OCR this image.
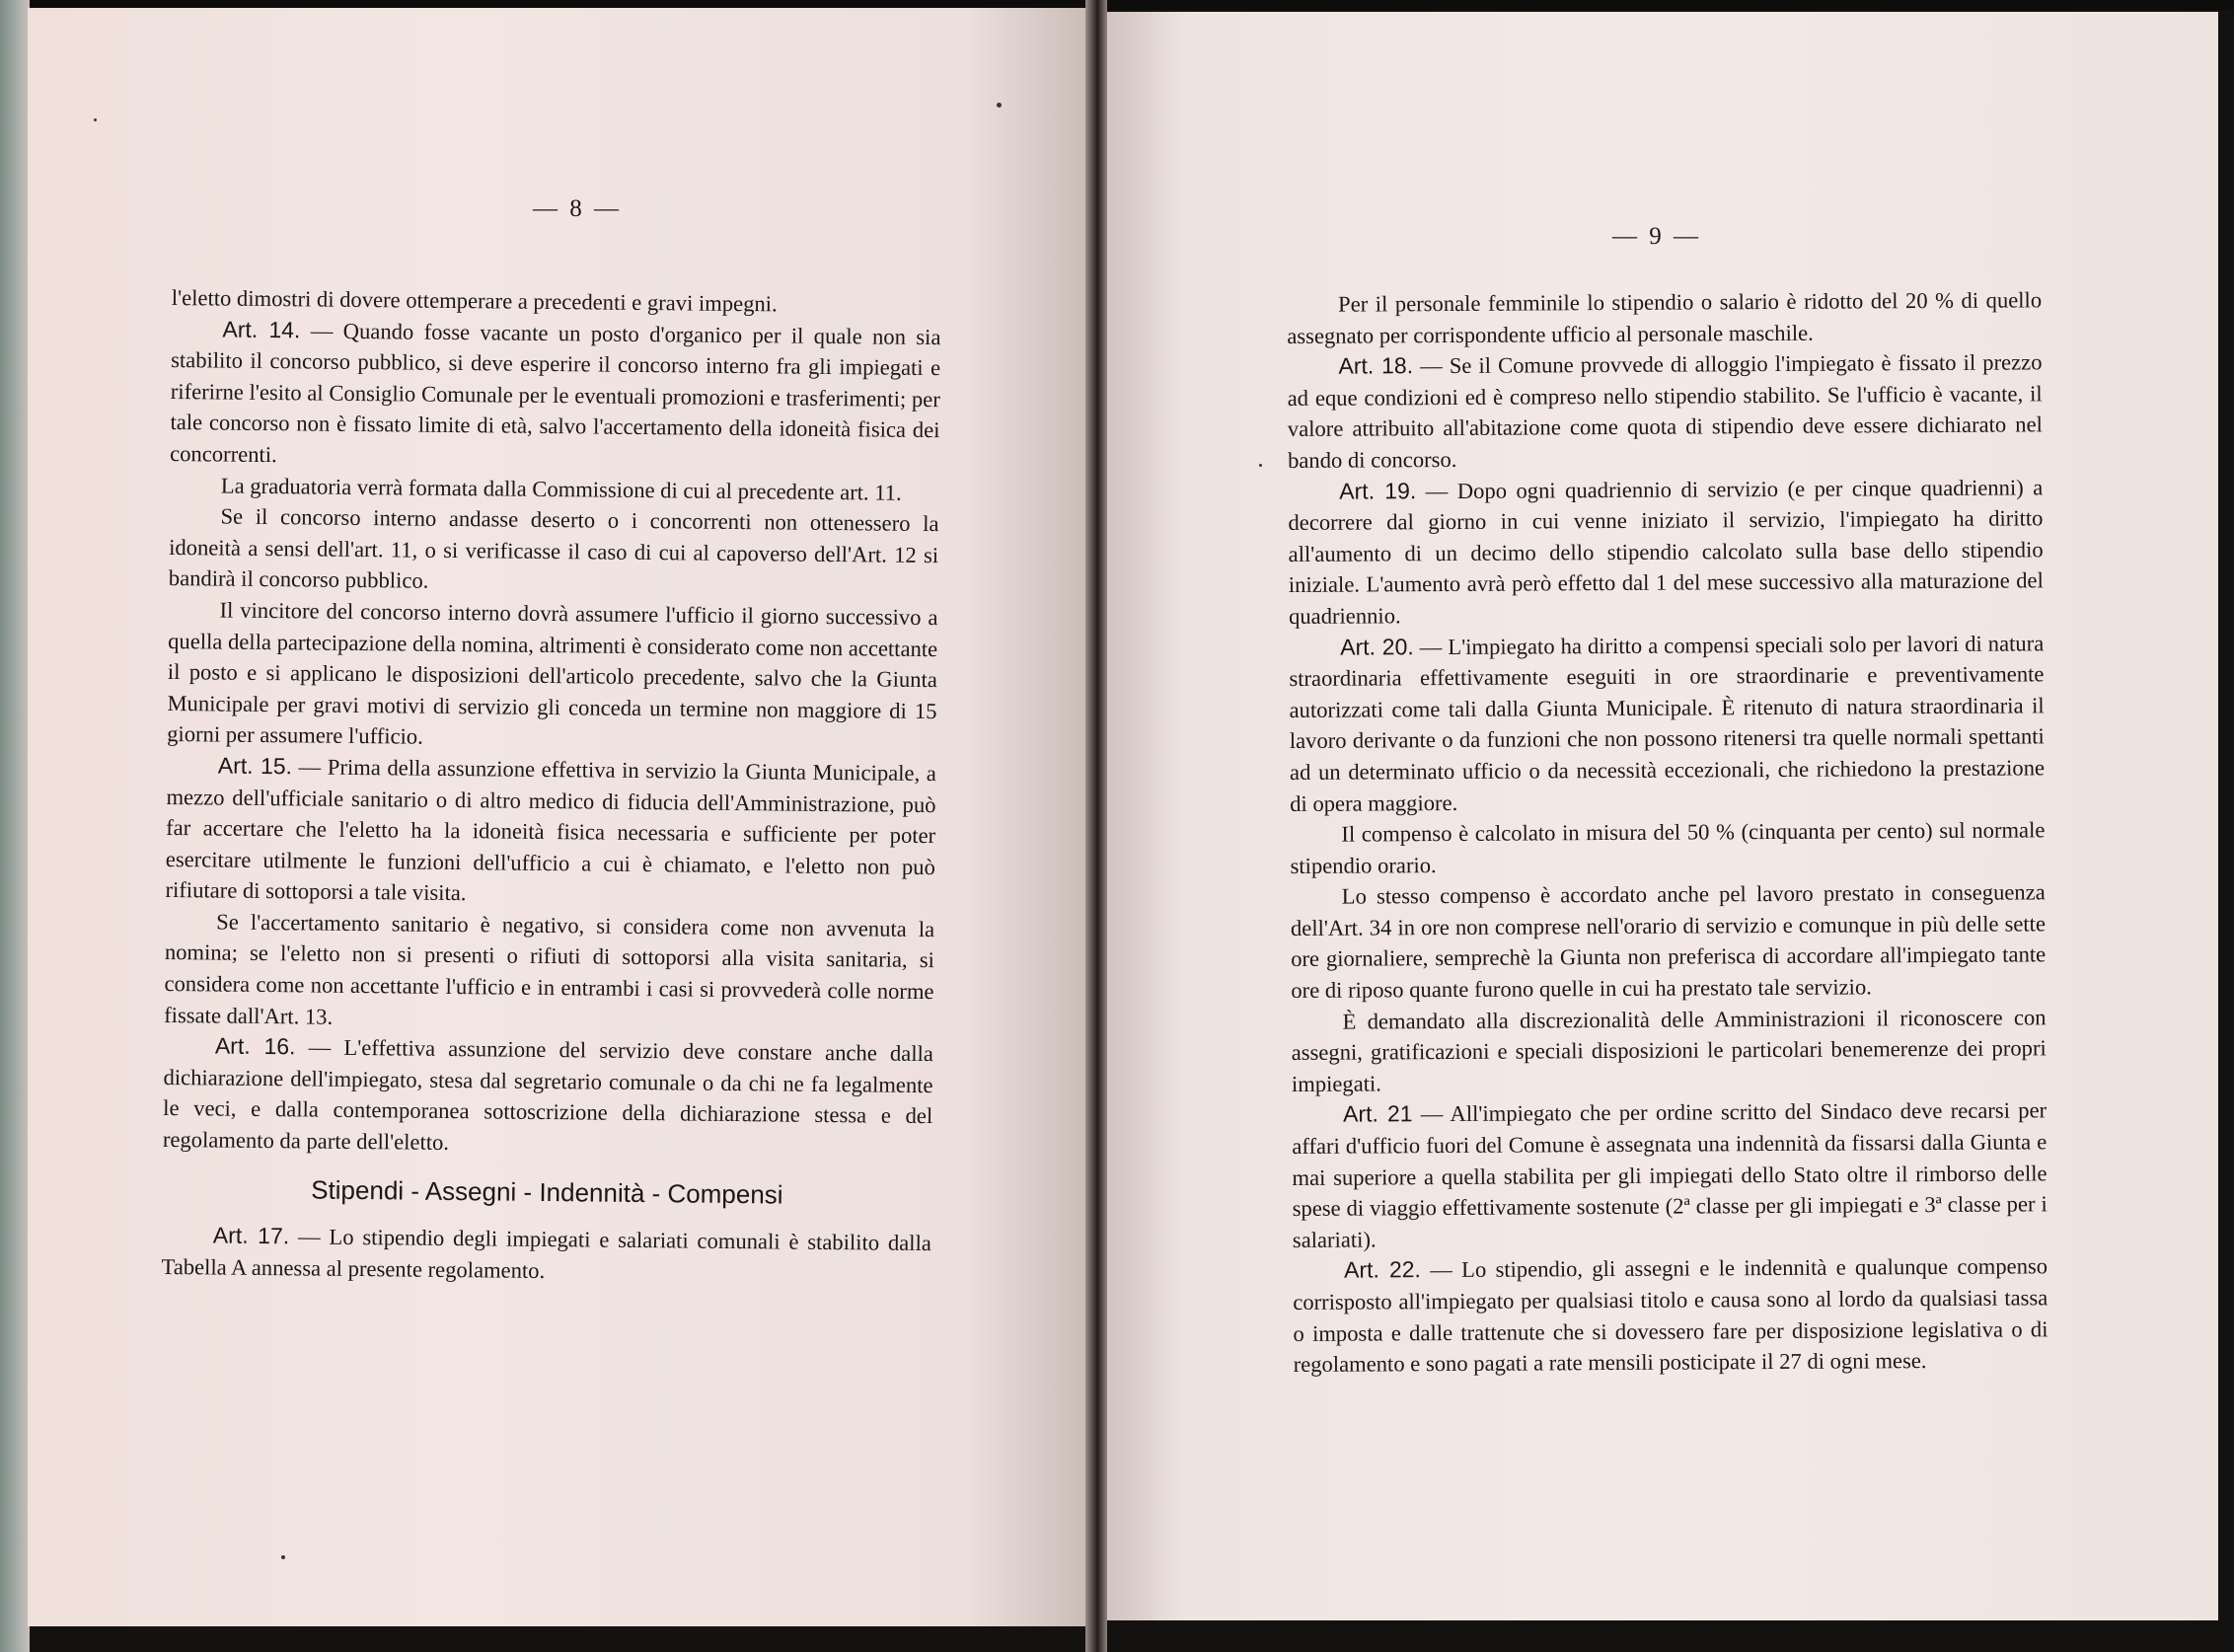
— 8 —
— 9 —

l'eletto dimostri di dovere ottemperare a precedenti e gravi impegni.

Art. 14. — Quando fosse vacante un posto d'organico per il quale non sia stabilito il concorso pubblico, si deve esperire il concorso interno fra gli impiegati e riferirne l'esito al Consiglio Comunale per le eventuali promozioni e trasferimenti; per tale concorso non è fissato limite di età, salvo l'accertamento della idoneità fisica dei concorrenti.

La graduatoria verrà formata dalla Commissione di cui al precedente art. 11.

Se il concorso interno andasse deserto o i concorrenti non ottenessero la idoneità a sensi dell'art. 11, o si verificasse il caso di cui al capoverso dell'Art. 12 si bandirà il concorso pubblico.

Il vincitore del concorso interno dovrà assumere l'ufficio il giorno successivo a quella della partecipazione della nomina, altrimenti è considerato come non accettante il posto e si applicano le disposizioni dell'articolo precedente, salvo che la Giunta Municipale per gravi motivi di servizio gli conceda un termine non maggiore di 15 giorni per assumere l'ufficio.

Art. 15. — Prima della assunzione effettiva in servizio la Giunta Municipale, a mezzo dell'ufficiale sanitario o di altro medico di fiducia dell'Amministrazione, può far accertare che l'eletto ha la idoneità fisica necessaria e sufficiente per poter esercitare utilmente le funzioni dell'ufficio a cui è chiamato, e l'eletto non può rifiutare di sottoporsi a tale visita.

Se l'accertamento sanitario è negativo, si considera come non avvenuta la nomina; se l'eletto non si presenti o rifiuti di sottoporsi alla visita sanitaria, si considera come non accettante l'ufficio e in entrambi i casi si provvederà colle norme fissate dall'Art. 13.

Art. 16. — L'effettiva assunzione del servizio deve constare anche dalla dichiarazione dell'impiegato, stesa dal segretario comunale o da chi ne fa legalmente le veci, e dalla contemporanea sottoscrizione della dichiarazione stessa e del regolamento da parte dell'eletto.

Stipendi - Assegni - Indennità - Compensi

Art. 17. — Lo stipendio degli impiegati e salariati comunali è stabilito dalla Tabella A annessa al presente regolamento.

Per il personale femminile lo stipendio o salario è ridotto del 20 % di quello assegnato per corrispondente ufficio al personale maschile.

Art. 18. — Se il Comune provvede di alloggio l'impiegato è fissato il prezzo ad eque condizioni ed è compreso nello stipendio stabilito. Se l'ufficio è vacante, il valore attribuito all'abitazione come quota di stipendio deve essere dichiarato nel bando di concorso.

Art. 19. — Dopo ogni quadriennio di servizio (e per cinque quadrienni) a decorrere dal giorno in cui venne iniziato il servizio, l'impiegato ha diritto all'aumento di un decimo dello stipendio calcolato sulla base dello stipendio iniziale. L'aumento avrà però effetto dal 1 del mese successivo alla maturazione del quadriennio.

Art. 20. — L'impiegato ha diritto a compensi speciali solo per lavori di natura straordinaria effettivamente eseguiti in ore straordinarie e preventivamente autorizzati come tali dalla Giunta Municipale. È ritenuto di natura straordinaria il lavoro derivante o da funzioni che non possono ritenersi tra quelle normali spettanti ad un determinato ufficio o da necessità eccezionali, che richiedono la prestazione di opera maggiore.

Il compenso è calcolato in misura del 50 % (cinquanta per cento) sul normale stipendio orario.

Lo stesso compenso è accordato anche pel lavoro prestato in conseguenza dell'Art. 34 in ore non comprese nell'orario di servizio e comunque in più delle sette ore giornaliere, semprechè la Giunta non preferisca di accordare all'impiegato tante ore di riposo quante furono quelle in cui ha prestato tale servizio.

È demandato alla discrezionalità delle Amministrazioni il riconoscere con assegni, gratificazioni e speciali disposizioni le particolari benemerenze dei propri impiegati.

Art. 21 — All'impiegato che per ordine scritto del Sindaco deve recarsi per affari d'ufficio fuori del Comune è assegnata una indennità da fissarsi dalla Giunta e mai superiore a quella stabilita per gli impiegati dello Stato oltre il rimborso delle spese di viaggio effettivamente sostenute (2ª classe per gli impiegati e 3ª classe per i salariati).

Art. 22. — Lo stipendio, gli assegni e le indennità e qualunque compenso corrisposto all'impiegato per qualsiasi titolo e causa sono al lordo da qualsiasi tassa o imposta e dalle trattenute che si dovessero fare per disposizione legislativa o di regolamento e sono pagati a rate mensili posticipate il 27 di ogni mese.
